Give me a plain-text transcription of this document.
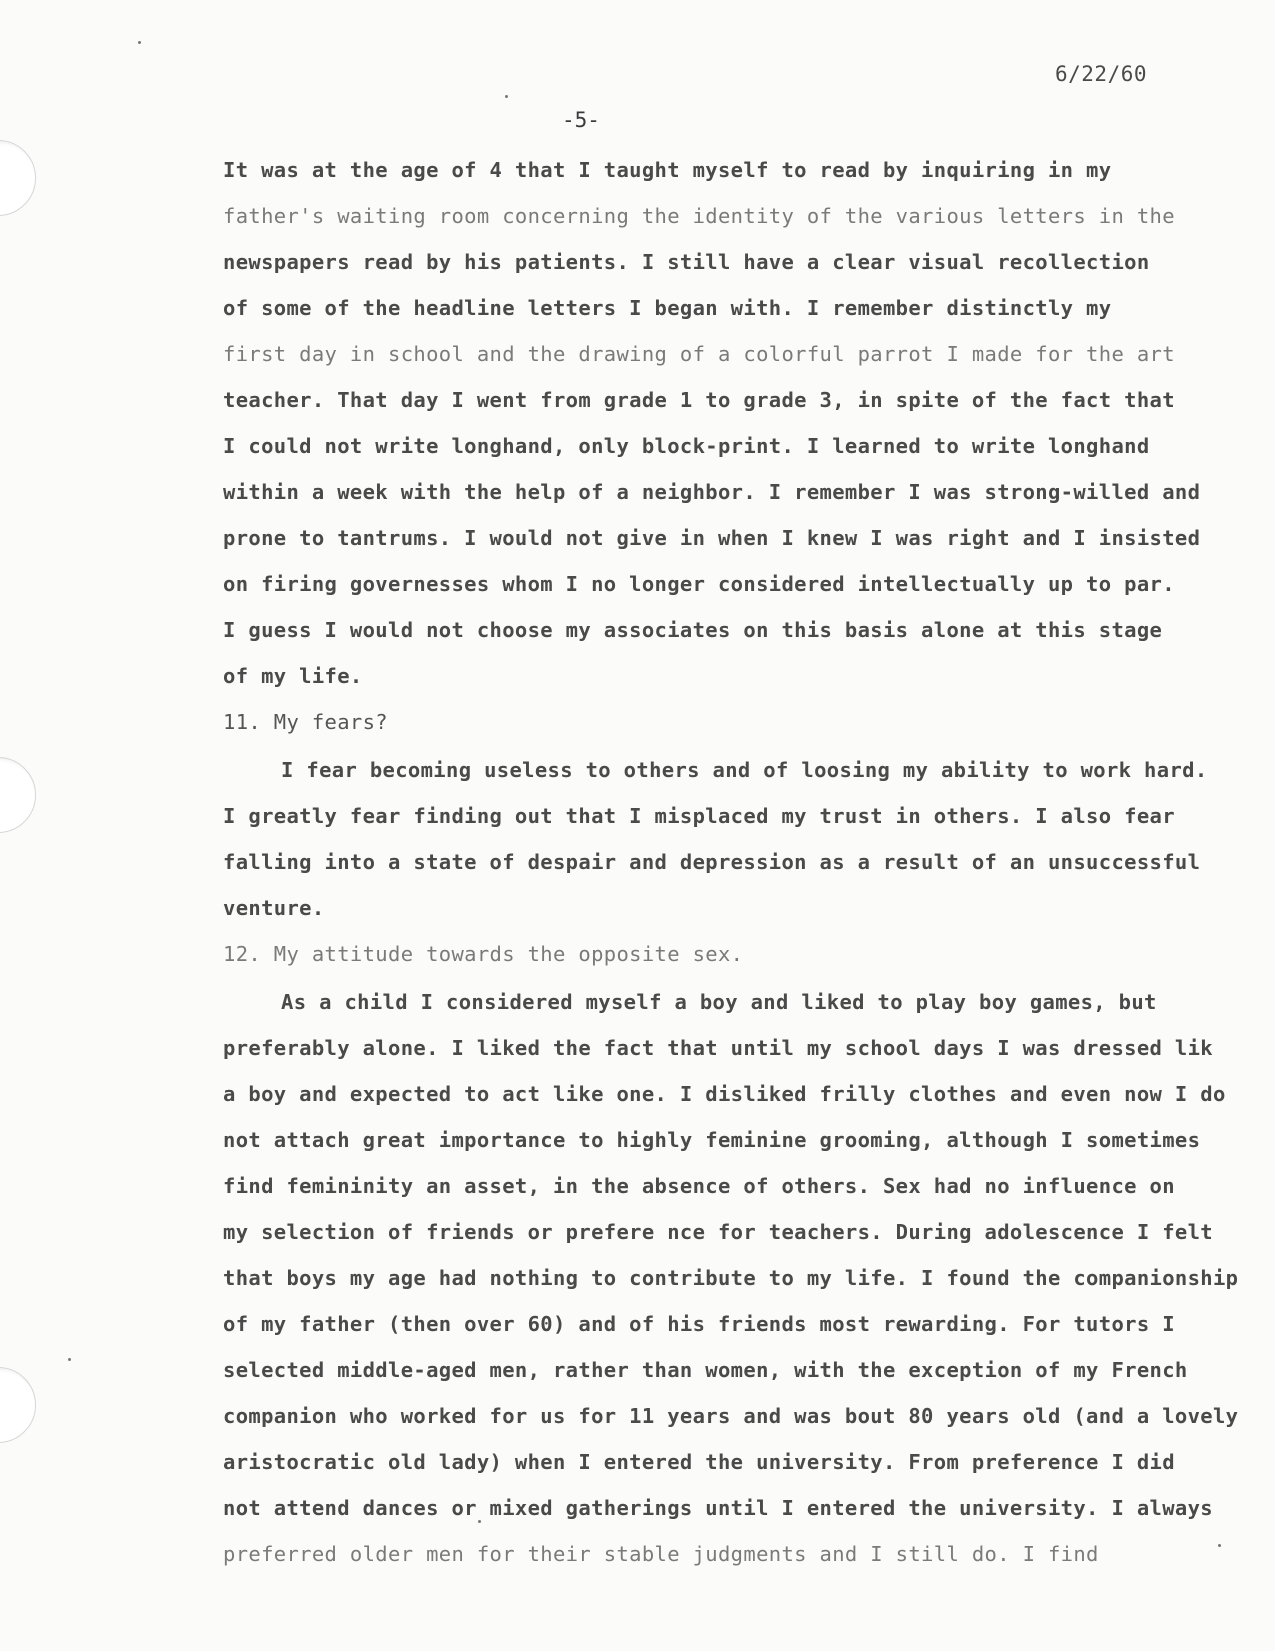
6/22/60
-5-
It was at the age of 4 that I taught myself to read by inquiring in my
father's waiting room concerning the identity of the various letters in the
newspapers read by his patients. I still have a clear visual recollection
of some of the headline letters I began with. I remember distinctly my
first day in school and the drawing of a colorful parrot I made for the art
teacher. That day I went from grade 1 to grade 3, in spite of the fact that
I could not write longhand, only block-print. I learned to write longhand
within a week with the help of a neighbor. I remember I was strong-willed and
prone to tantrums. I would not give in when I knew I was right and I insisted
on firing governesses whom I no longer considered intellectually up to par.
I guess I would not choose my associates on this basis alone at this stage
of my life.
11. My fears?
I fear becoming useless to others and of loosing my ability to work hard.
I greatly fear finding out that I misplaced my trust in others. I also fear
falling into a state of despair and depression as a result of an unsuccessful
venture.
12. My attitude towards the opposite sex.
As a child I considered myself a boy and liked to play boy games, but
preferably alone. I liked the fact that until my school days I was dressed lik
a boy and expected to act like one. I disliked frilly clothes and even now I do
not attach great importance to highly feminine grooming, although I sometimes
find femininity an asset, in the absence of others. Sex had no influence on
my selection of friends or prefere nce for teachers. During adolescence I felt
that boys my age had nothing to contribute to my life. I found the companionship
of my father (then over 60) and of his friends most rewarding. For tutors I
selected middle-aged men, rather than women, with the exception of my French
companion who worked for us for 11 years and was bout 80 years old (and a lovely
aristocratic old lady) when I entered the university. From preference I did
not attend dances or mixed gatherings until I entered the university. I always
preferred older men for their stable judgments and I still do. I find
